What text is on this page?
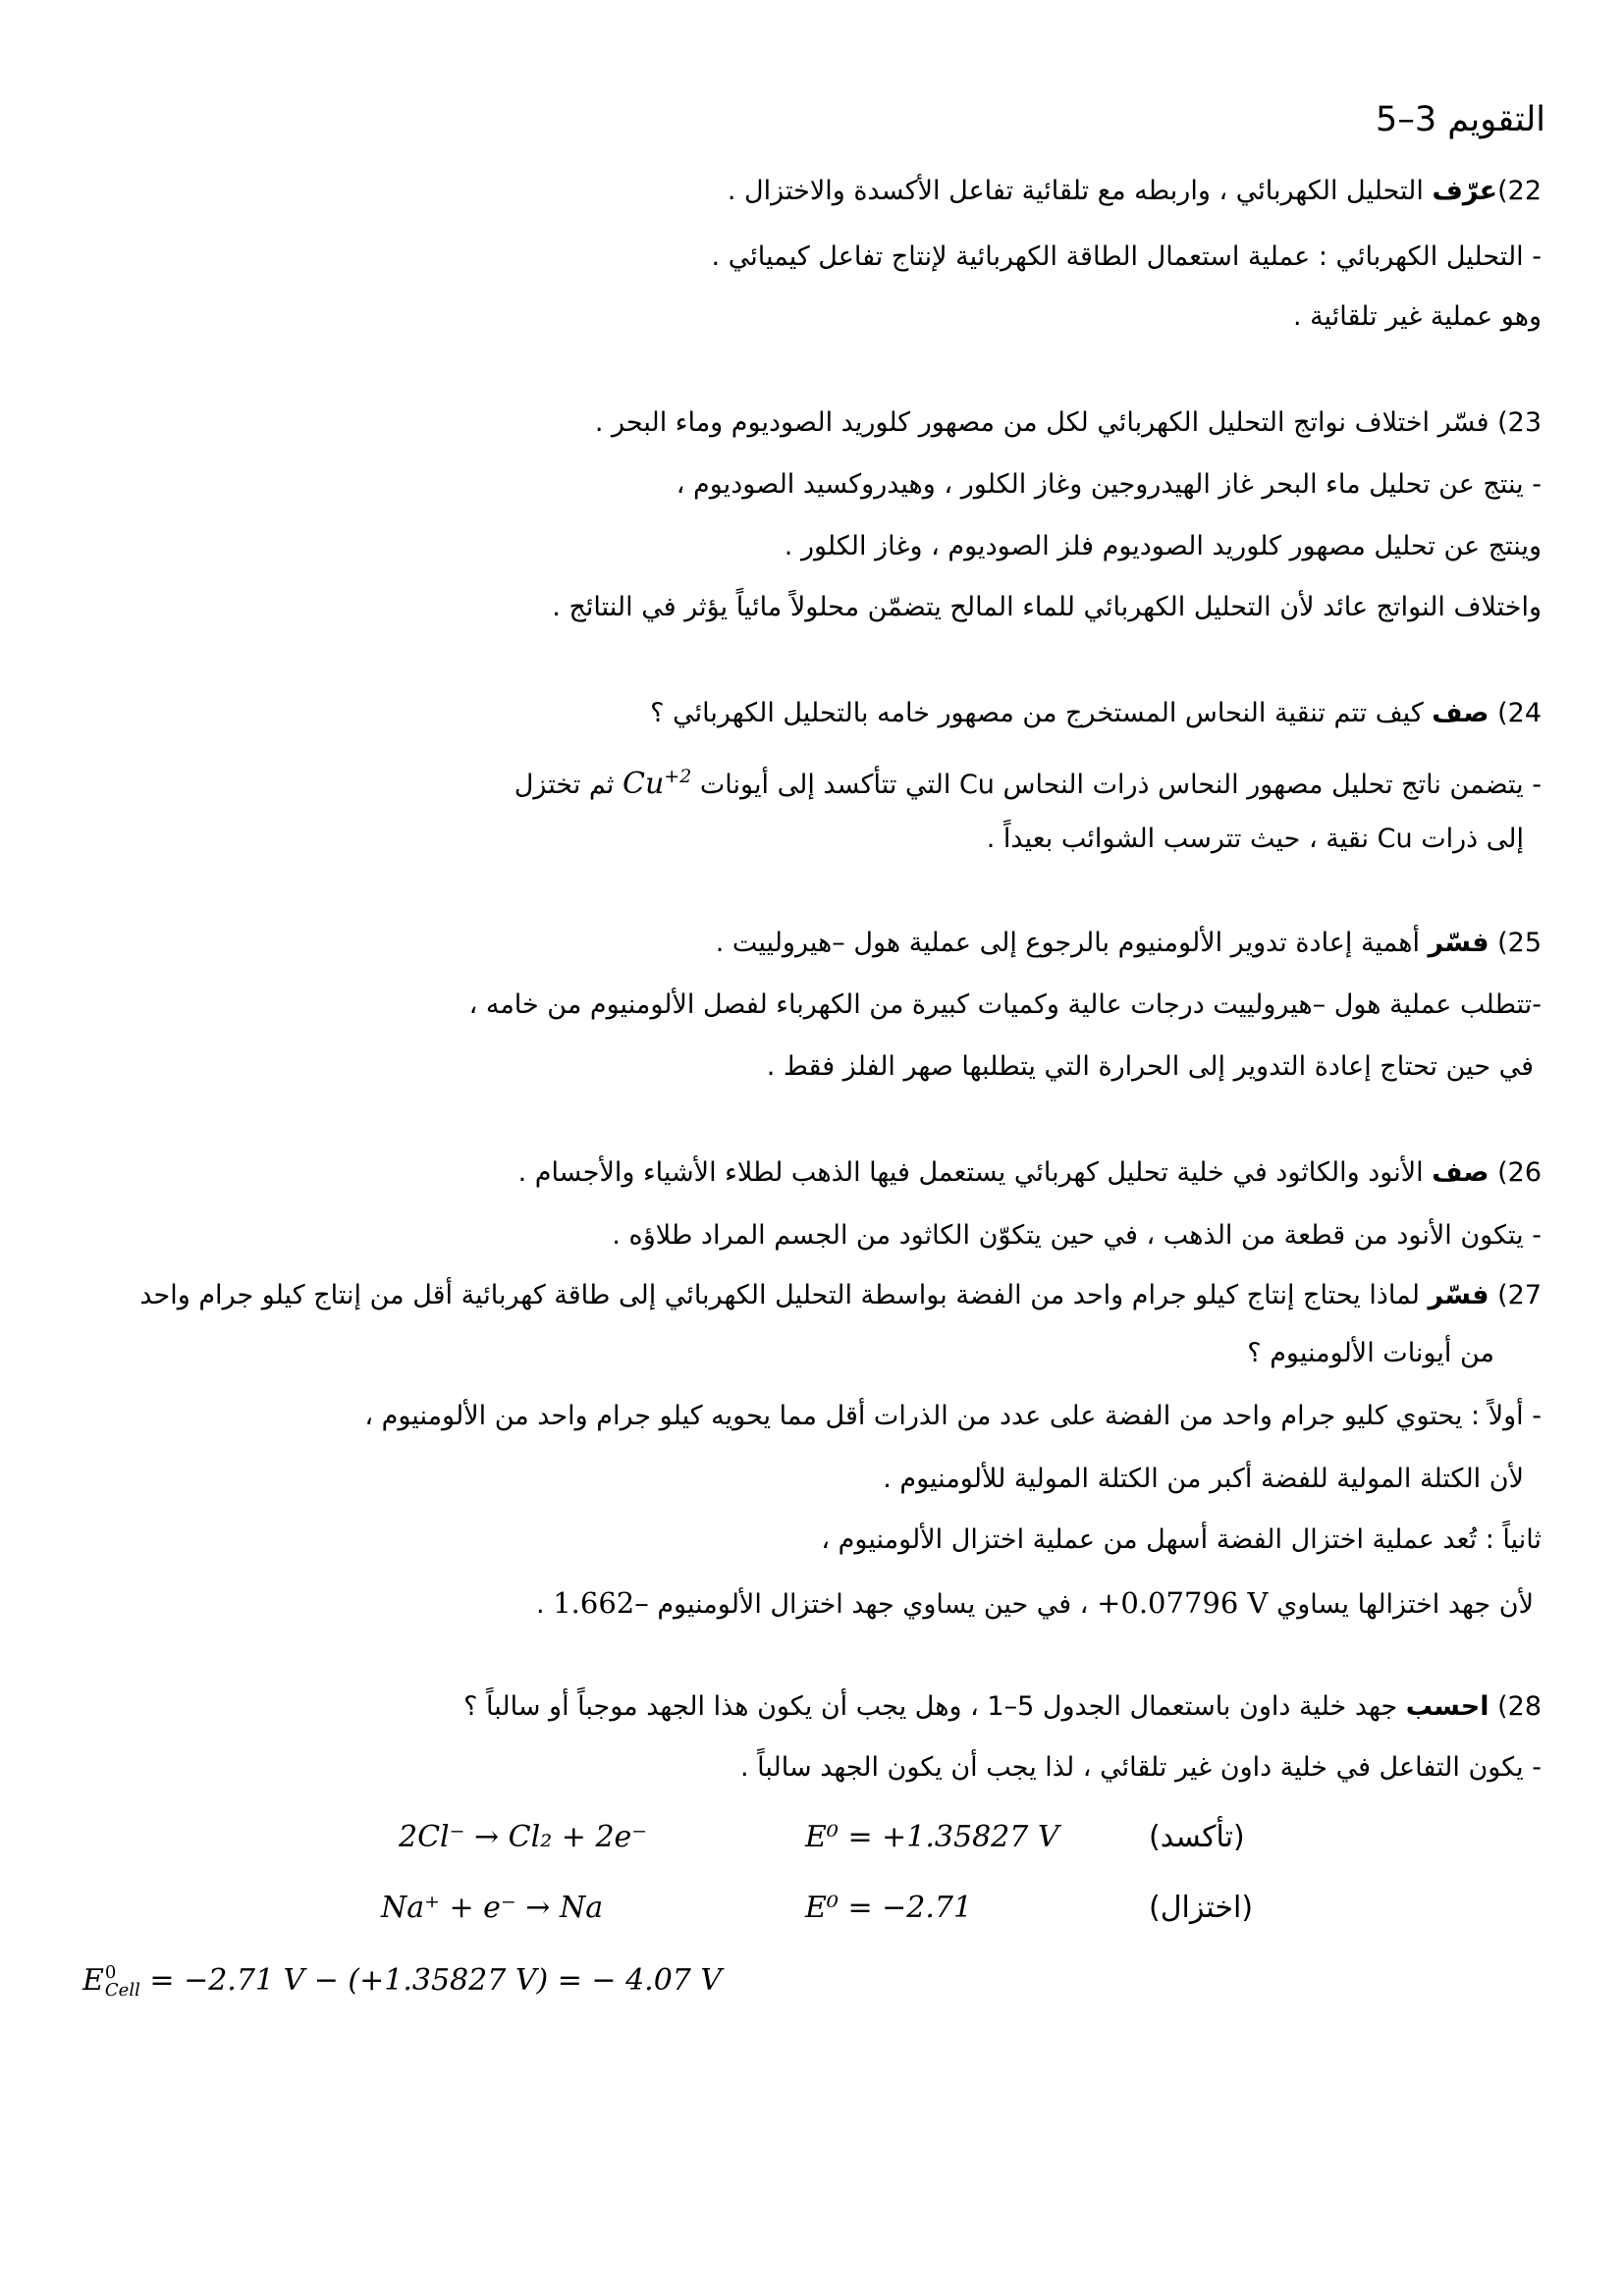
التقويم 3–5
22)عرّف التحليل الكهربائي ، واربطه مع تلقائية تفاعل الأكسدة والاختزال .
- التحليل الكهربائي : عملية استعمال الطاقة الكهربائية لإنتاج تفاعل كيميائي .
وهو عملية غير تلقائية .
23) فسّر اختلاف نواتج التحليل الكهربائي لكل من مصهور كلوريد الصوديوم وماء البحر .
- ينتج عن تحليل ماء البحر غاز الهيدروجين وغاز الكلور ، وهيدروكسيد الصوديوم ،
وينتج عن تحليل مصهور كلوريد الصوديوم فلز الصوديوم ، وغاز الكلور .
واختلاف النواتج عائد لأن التحليل الكهربائي للماء المالح يتضمّن محلولاً مائياً يؤثر في النتائج .
24) صف كيف تتم تنقية النحاس المستخرج من مصهور خامه بالتحليل الكهربائي ؟
- يتضمن ناتج تحليل مصهور النحاس ذرات النحاس Cu التي تتأكسد إلى أيونات $Cu^{+2}$ ثم تختزل
إلى ذرات Cu نقية ، حيث تترسب الشوائب بعيداً .
25) فسّر أهمية إعادة تدوير الألومنيوم بالرجوع إلى عملية هول –هيرولييت .
-تتطلب عملية هول –هيرولييت درجات عالية وكميات كبيرة من الكهرباء لفصل الألومنيوم من خامه ،
في حين تحتاج إعادة التدوير إلى الحرارة التي يتطلبها صهر الفلز فقط .
26) صف الأنود والكاثود في خلية تحليل كهربائي يستعمل فيها الذهب لطلاء الأشياء والأجسام .
- يتكون الأنود من قطعة من الذهب ، في حين يتكوّن الكاثود من الجسم المراد طلاؤه .
27) فسّر لماذا يحتاج إنتاج كيلو جرام واحد من الفضة بواسطة التحليل الكهربائي إلى طاقة كهربائية أقل من إنتاج كيلو جرام واحد
من أيونات الألومنيوم ؟
- أولاً : يحتوي كليو جرام واحد من الفضة على عدد من الذرات أقل مما يحويه كيلو جرام واحد من الألومنيوم ،
لأن الكتلة المولية للفضة أكبر من الكتلة المولية للألومنيوم .
ثانياً : تُعد عملية اختزال الفضة أسهل من عملية اختزال الألومنيوم ،
لأن جهد اختزالها يساوي +0.07796 V ، في حين يساوي جهد اختزال الألومنيوم 1.662– .
28) احسب جهد خلية داون باستعمال الجدول 5–1 ، وهل يجب أن يكون هذا الجهد موجباً أو سالباً ؟
- يكون التفاعل في خلية داون غير تلقائي ، لذا يجب أن يكون الجهد سالباً .
2Cl⁻ → Cl₂ + 2e⁻	E⁰ = +1.35827 V	(تأكسد)
Na⁺ + e⁻ → Na	E⁰ = −2.71	(اختزال)
E 0
Cell = −2.71 V − (+1.35827 V) = − 4.07 V
